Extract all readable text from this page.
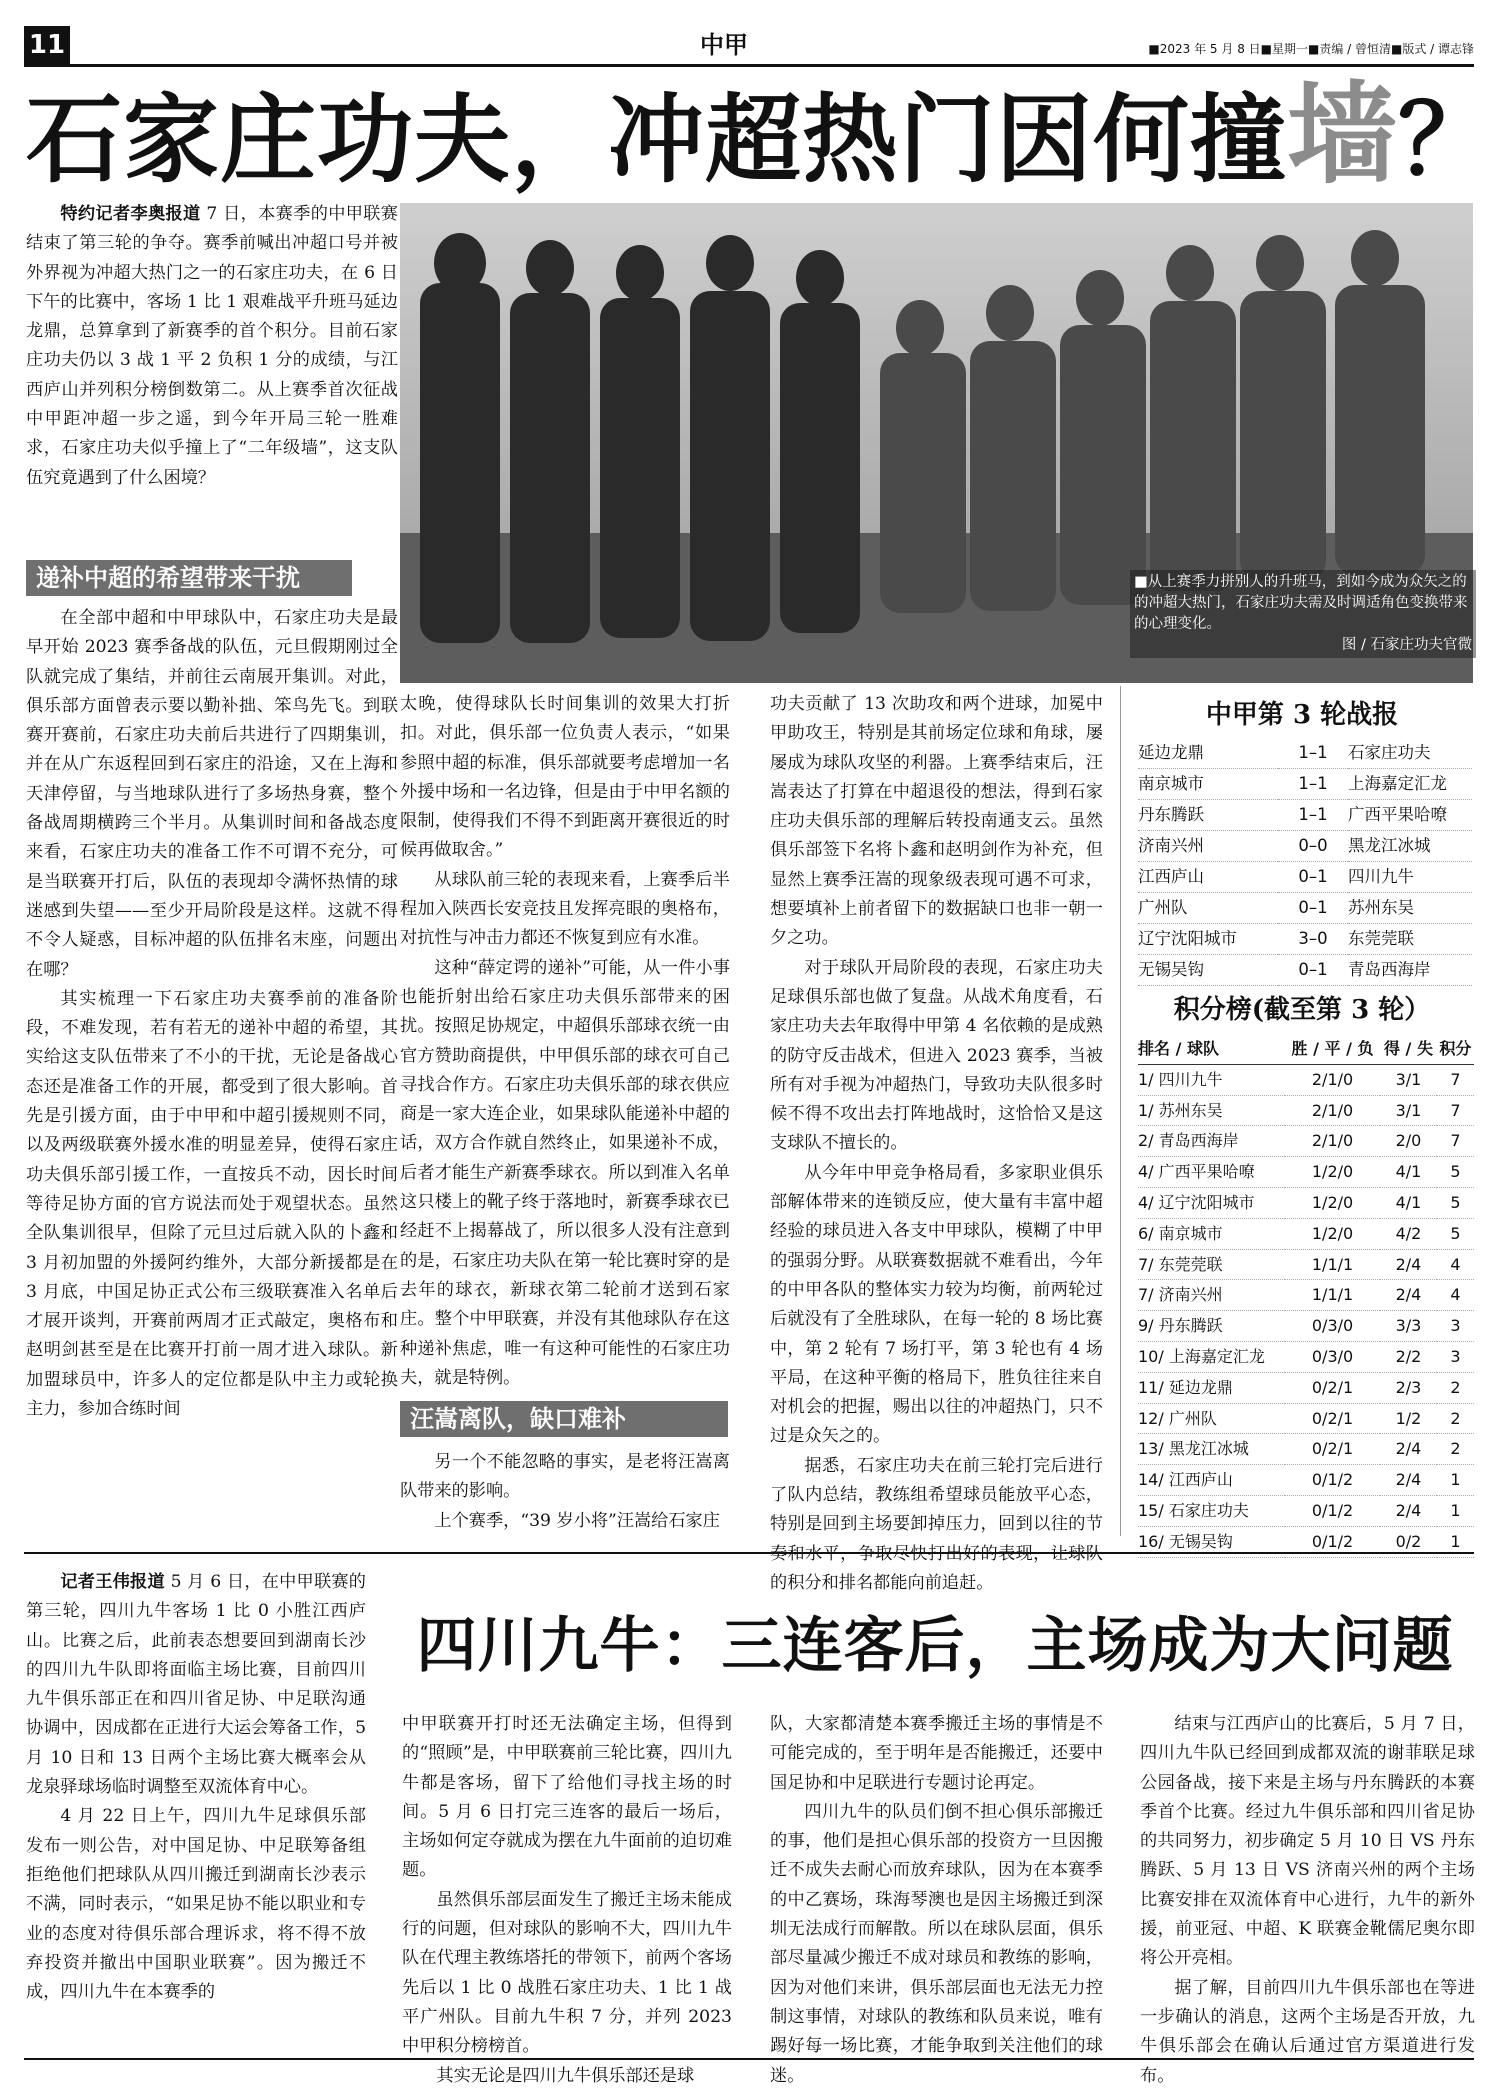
11	中甲	■2023 年 5 月 8 日■星期一■责编 / 曾恒清■版式 / 谭志锋
石家庄功夫，冲超热门因何撞墙？

特约记者李奥报道 7 日，本赛季的中甲联赛结束了第三轮的争夺。赛季前喊出冲超口号并被外界视为冲超大热门之一的石家庄功夫，在 6 日下午的比赛中，客场 1 比 1 艰难战平升班马延边龙鼎，总算拿到了新赛季的首个积分。目前石家庄功夫仍以 3 战 1 平 2 负积 1 分的成绩，与江西庐山并列积分榜倒数第二。从上赛季首次征战中甲距冲超一步之遥，到今年开局三轮一胜难求，石家庄功夫似乎撞上了“二年级墙”，这支队伍究竟遇到了什么困境？

递补中超的希望带来干扰

在全部中超和中甲球队中，石家庄功夫是最早开始 2023 赛季备战的队伍，元旦假期刚过全队就完成了集结，并前往云南展开集训。对此，俱乐部方面曾表示要以勤补拙、笨鸟先飞。到联赛开赛前，石家庄功夫前后共进行了四期集训，并在从广东返程回到石家庄的沿途，又在上海和天津停留，与当地球队进行了多场热身赛，整个备战周期横跨三个半月。从集训时间和备战态度来看，石家庄功夫的准备工作不可谓不充分，可是当联赛开打后，队伍的表现却令满怀热情的球迷感到失望——至少开局阶段是这样。这就不得不令人疑惑，目标冲超的队伍排名末座，问题出在哪？

其实梳理一下石家庄功夫赛季前的准备阶段，不难发现，若有若无的递补中超的希望，其实给这支队伍带来了不小的干扰，无论是备战心态还是准备工作的开展，都受到了很大影响。首先是引援方面，由于中甲和中超引援规则不同，以及两级联赛外援水准的明显差异，使得石家庄功夫俱乐部引援工作，一直按兵不动，因长时间等待足协方面的官方说法而处于观望状态。虽然全队集训很早，但除了元旦过后就入队的卜鑫和 3 月初加盟的外援阿约维外，大部分新援都是在 3 月底，中国足协正式公布三级联赛准入名单后才展开谈判，开赛前两周才正式敲定，奥格布和赵明剑甚至是在比赛开打前一周才进入球队。新加盟球员中，许多人的定位都是队中主力或轮换主力，参加合练时间

■从上赛季力拼别人的升班马，到如今成为众矢之的的冲超大热门，石家庄功夫需及时调适角色变换带来的心理变化。
图 / 石家庄功夫官微

太晚，使得球队长时间集训的效果大打折扣。对此，俱乐部一位负责人表示，“如果参照中超的标准，俱乐部就要考虑增加一名外援中场和一名边锋，但是由于中甲名额的限制，使得我们不得不到距离开赛很近的时候再做取舍。”

从球队前三轮的表现来看，上赛季后半程加入陕西长安竞技且发挥亮眼的奥格布，对抗性与冲击力都还不恢复到应有水准。

这种“薛定谔的递补”可能，从一件小事也能折射出给石家庄功夫俱乐部带来的困扰。按照足协规定，中超俱乐部球衣统一由官方赞助商提供，中甲俱乐部的球衣可自己寻找合作方。石家庄功夫俱乐部的球衣供应商是一家大连企业，如果球队能递补中超的话，双方合作就自然终止，如果递补不成，后者才能生产新赛季球衣。所以到准入名单这只楼上的靴子终于落地时，新赛季球衣已经赶不上揭幕战了，所以很多人没有注意到的是，石家庄功夫队在第一轮比赛时穿的是去年的球衣，新球衣第二轮前才送到石家庄。整个中甲联赛，并没有其他球队存在这种递补焦虑，唯一有这种可能性的石家庄功夫，就是特例。

汪嵩离队，缺口难补

另一个不能忽略的事实，是老将汪嵩离队带来的影响。

上个赛季，“39 岁小将”汪嵩给石家庄

功夫贡献了 13 次助攻和两个进球，加冕中甲助攻王，特别是其前场定位球和角球，屡屡成为球队攻坚的利器。上赛季结束后，汪嵩表达了打算在中超退役的想法，得到石家庄功夫俱乐部的理解后转投南通支云。虽然俱乐部签下名将卜鑫和赵明剑作为补充，但显然上赛季汪嵩的现象级表现可遇不可求，想要填补上前者留下的数据缺口也非一朝一夕之功。

对于球队开局阶段的表现，石家庄功夫足球俱乐部也做了复盘。从战术角度看，石家庄功夫去年取得中甲第 4 名依赖的是成熟的防守反击战术，但进入 2023 赛季，当被所有对手视为冲超热门，导致功夫队很多时候不得不攻出去打阵地战时，这恰恰又是这支球队不擅长的。

从今年中甲竞争格局看，多家职业俱乐部解体带来的连锁反应，使大量有丰富中超经验的球员进入各支中甲球队，模糊了中甲的强弱分野。从联赛数据就不难看出，今年的中甲各队的整体实力较为均衡，前两轮过后就没有了全胜球队，在每一轮的 8 场比赛中，第 2 轮有 7 场打平，第 3 轮也有 4 场平局，在这种平衡的格局下，胜负往往来自对机会的把握，赐出以往的冲超热门，只不过是众矢之的。

据悉，石家庄功夫在前三轮打完后进行了队内总结，教练组希望球员能放平心态，特别是回到主场要卸掉压力，回到以往的节奏和水平，争取尽快打出好的表现，让球队的积分和排名都能向前追赶。

中甲第 3 轮战报
延边龙鼎	1–1	石家庄功夫
南京城市	1–1	上海嘉定汇龙
丹东腾跃	1–1	广西平果哈嘹
济南兴州	0–0	黑龙江冰城
江西庐山	0–1	四川九牛
广州队	0–1	苏州东吴
辽宁沈阳城市	3–0	东莞莞联
无锡吴钩	0–1	青岛西海岸
积分榜(截至第 3 轮）
排名 / 球队	胜 / 平 / 负	得 / 失	积分
1/ 四川九牛	2/1/0	3/1	7
1/ 苏州东吴	2/1/0	3/1	7
2/ 青岛西海岸	2/1/0	2/0	7
4/ 广西平果哈嘹	1/2/0	4/1	5
4/ 辽宁沈阳城市	1/2/0	4/1	5
6/ 南京城市	1/2/0	4/2	5
7/ 东莞莞联	1/1/1	2/4	4
7/ 济南兴州	1/1/1	2/4	4
9/ 丹东腾跃	0/3/0	3/3	3
10/ 上海嘉定汇龙	0/3/0	2/2	3
11/ 延边龙鼎	0/2/1	2/3	2
12/ 广州队	0/2/1	1/2	2
13/ 黑龙江冰城	0/2/1	2/4	2
14/ 江西庐山	0/1/2	2/4	1
15/ 石家庄功夫	0/1/2	2/4	1
16/ 无锡吴钩	0/1/2	0/2	1
四川九牛：三连客后，主场成为大问题

记者王伟报道 5 月 6 日，在中甲联赛的第三轮，四川九牛客场 1 比 0 小胜江西庐山。比赛之后，此前表态想要回到湖南长沙的四川九牛队即将面临主场比赛，目前四川九牛俱乐部正在和四川省足协、中足联沟通协调中，因成都在正进行大运会筹备工作，5 月 10 日和 13 日两个主场比赛大概率会从龙泉驿球场临时调整至双流体育中心。

4 月 22 日上午，四川九牛足球俱乐部发布一则公告，对中国足协、中足联筹备组拒绝他们把球队从四川搬迁到湖南长沙表示不满，同时表示，“如果足协不能以职业和专业的态度对待俱乐部合理诉求，将不得不放弃投资并撤出中国职业联赛”。因为搬迁不成，四川九牛在本赛季的

中甲联赛开打时还无法确定主场，但得到的“照顾”是，中甲联赛前三轮比赛，四川九牛都是客场，留下了给他们寻找主场的时间。5 月 6 日打完三连客的最后一场后，主场如何定夺就成为摆在九牛面前的迫切难题。

虽然俱乐部层面发生了搬迁主场未能成行的问题，但对球队的影响不大，四川九牛队在代理主教练塔托的带领下，前两个客场先后以 1 比 0 战胜石家庄功夫、1 比 1 战平广州队。目前九牛积 7 分，并列 2023 中甲积分榜榜首。

其实无论是四川九牛俱乐部还是球

队，大家都清楚本赛季搬迁主场的事情是不可能完成的，至于明年是否能搬迁，还要中国足协和中足联进行专题讨论再定。

四川九牛的队员们倒不担心俱乐部搬迁的事，他们是担心俱乐部的投资方一旦因搬迁不成失去耐心而放弃球队，因为在本赛季的中乙赛场，珠海琴澳也是因主场搬迁到深圳无法成行而解散。所以在球队层面，俱乐部尽量减少搬迁不成对球员和教练的影响，因为对他们来讲，俱乐部层面也无法无力控制这事情，对球队的教练和队员来说，唯有踢好每一场比赛，才能争取到关注他们的球迷。

结束与江西庐山的比赛后，5 月 7 日，四川九牛队已经回到成都双流的谢菲联足球公园备战，接下来是主场与丹东腾跃的本赛季首个比赛。经过九牛俱乐部和四川省足协的共同努力，初步确定 5 月 10 日 VS 丹东腾跃、5 月 13 日 VS 济南兴州的两个主场比赛安排在双流体育中心进行，九牛的新外援，前亚冠、中超、K 联赛金靴儒尼奥尔即将公开亮相。

据了解，目前四川九牛俱乐部也在等进一步确认的消息，这两个主场是否开放，九牛俱乐部会在确认后通过官方渠道进行发布。
